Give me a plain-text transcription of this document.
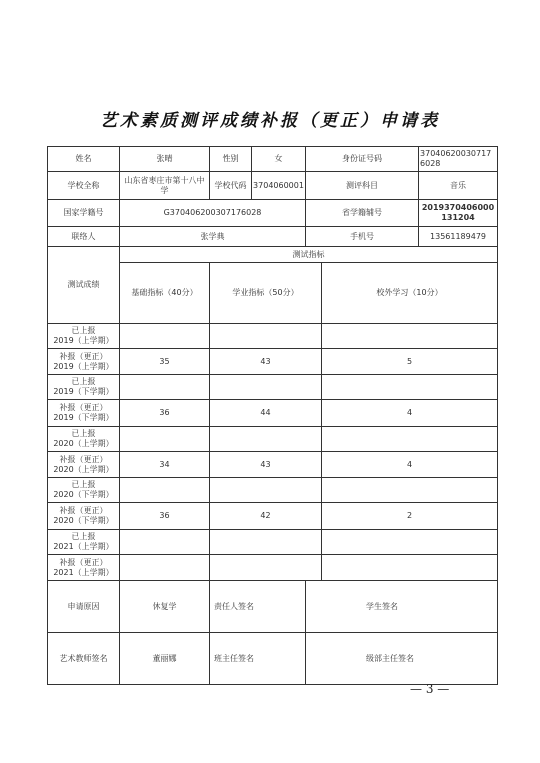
艺术素质测评成绩补报（更正）申请表
姓名	张晴	性别	女	身份证号码		370406200307176028	
学校全称	山东省枣庄市第十八中学	学校代码	3704060001	测评科目		音乐	
国家学籍号	G370406200307176028			省学籍辅号		2019370406000131204	
联络人	张学典			手机号		13561189479	
测试成绩	测试指标						
	基础指标（40分）	学业指标（50分）			校外学习（10分）	
已上报
2019（上学期）							
补报（更正）
2019（上学期）	35	43			5	
已上报
2019（下学期）							
补报（更正）
2019（下学期）	36	44			4	
已上报
2020（上学期）							
补报（更正）
2020（上学期）	34	43			4	
已上报
2020（下学期）							
补报（更正）
2020（下学期）	36	42			2	
已上报
2021（上学期）							
补报（更正）
2021（上学期）							
申请原因	休复学	责任人签名		学生签名			
艺术教师签名	董丽娜	班主任签名		级部主任签名			
— 3 —
